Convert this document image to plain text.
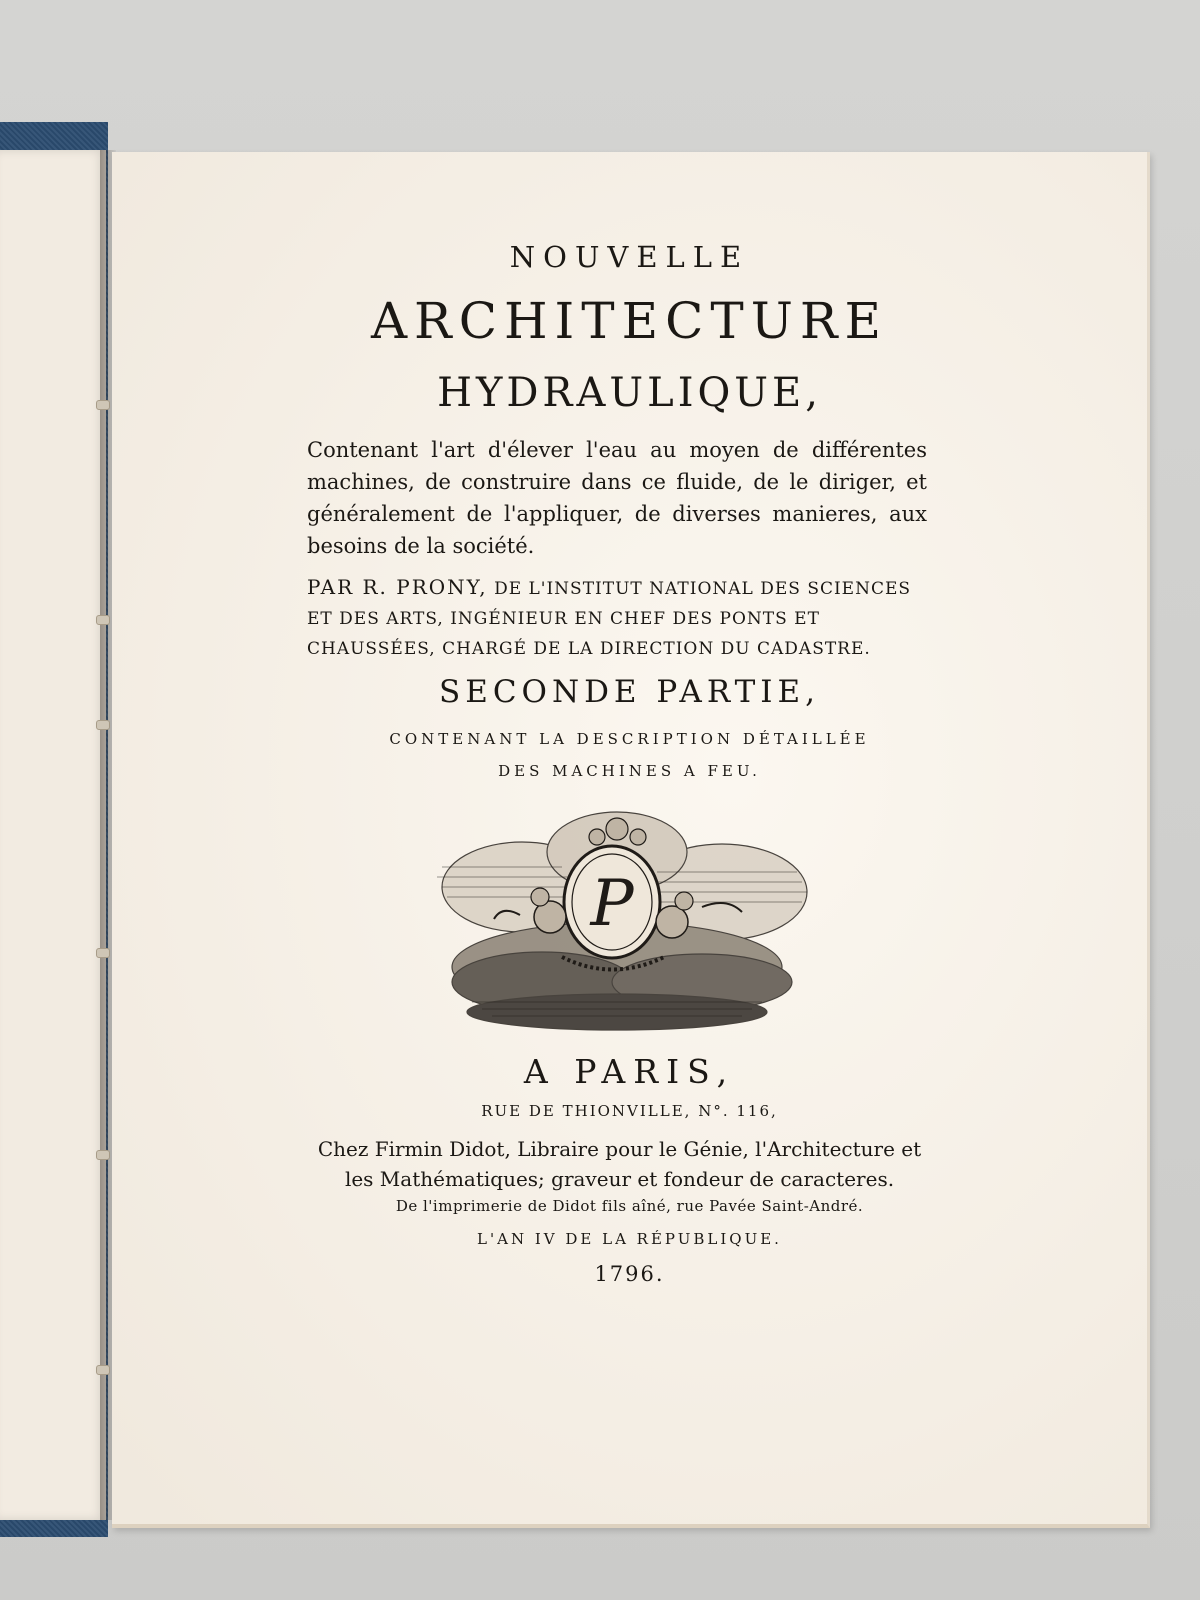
NOUVELLE
ARCHITECTURE
HYDRAULIQUE,
Contenant l'art d'élever l'eau au moyen de différentes machines, de construire dans ce fluide, de le diriger, et généralement de l'appliquer, de diverses manieres, aux besoins de la société.
PAR R. PRONY, DE L'INSTITUT NATIONAL DES SCIENCES ET DES ARTS, INGÉNIEUR EN CHEF DES PONTS ET CHAUSSÉES, CHARGÉ DE LA DIRECTION DU CADASTRE.
SECONDE PARTIE,
CONTENANT LA DESCRIPTION DÉTAILLÉE
DES MACHINES A FEU.
P
A PARIS,
RUE DE THIONVILLE, N°. 116,
Chez Firmin Didot, Libraire pour le Génie, l'Architecture et les Mathématiques; graveur et fondeur de caracteres.
De l'imprimerie de Didot fils aîné, rue Pavée Saint-André.
L'AN IV DE LA RÉPUBLIQUE.
1796.
